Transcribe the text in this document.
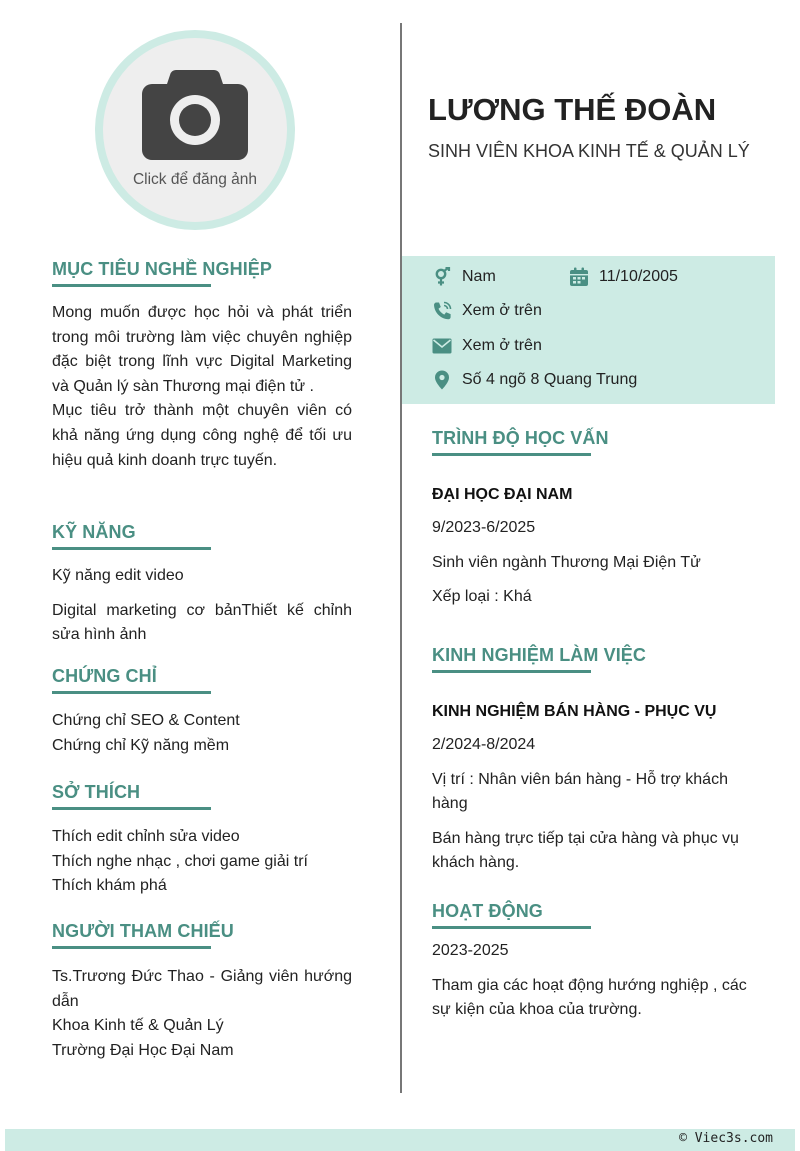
Click để đăng ảnh
LƯƠNG THẾ ĐOÀN
SINH VIÊN KHOA KINH TẾ & QUẢN LÝ
Nam	11/10/2005
Xem ở trên
Xem ở trên
Số 4 ngõ 8 Quang Trung
MỤC TIÊU NGHỀ NGHIỆP
Mong muốn được học hỏi và phát triển trong môi trường làm việc chuyên nghiệp đặc biệt trong lĩnh vực Digital Marketing và Quản lý sàn Thương mại điện tử .
Mục tiêu trở thành một chuyên viên có khả năng ứng dụng công nghệ để tối ưu hiệu quả kinh doanh trực tuyến.
KỸ NĂNG
Kỹ năng edit video
Digital marketing cơ bảnThiết kế chỉnh sửa hình ảnh
CHỨNG CHỈ
Chứng chỉ SEO & Content
Chứng chỉ Kỹ năng mềm
SỞ THÍCH
Thích edit chỉnh sửa video
Thích nghe nhạc , chơi game giải trí
Thích khám phá
NGƯỜI THAM CHIẾU
Ts.Trương Đức Thao - Giảng viên hướng dẫn
Khoa Kinh tế & Quản Lý
Trường Đại Học Đại Nam
TRÌNH ĐỘ HỌC VẤN
ĐẠI HỌC ĐẠI NAM
9/2023-6/2025
Sinh viên ngành Thương Mại Điện Tử
Xếp loại : Khá
KINH NGHIỆM LÀM VIỆC
KINH NGHIỆM BÁN HÀNG - PHỤC VỤ
2/2024-8/2024
Vị trí : Nhân viên bán hàng - Hỗ trợ khách hàng
Bán hàng trực tiếp tại cửa hàng và phục vụ khách hàng.
HOẠT ĐỘNG
2023-2025
Tham gia các hoạt động hướng nghiệp , các sự kiện của khoa của trường.
© Viec3s.com
